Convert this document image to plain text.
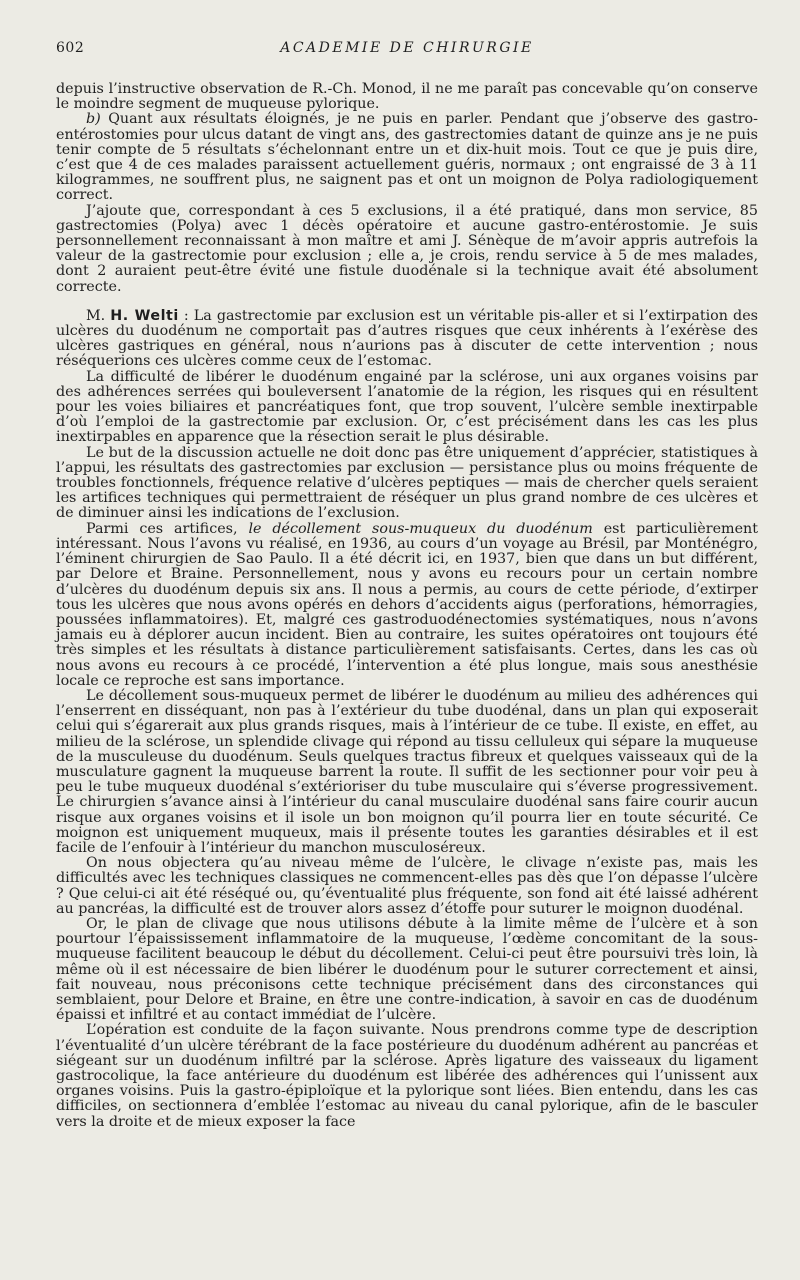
602	ACADEMIE DE CHIRURGIE

depuis l’instructive observation de R.-Ch. Monod, il ne me paraît pas concevable qu’on conserve le moindre segment de muqueuse pylorique.

b) Quant aux résultats éloignés, je ne puis en parler. Pendant que j’observe des gastro-entérostomies pour ulcus datant de vingt ans, des gastrectomies datant de quinze ans je ne puis tenir compte de 5 résultats s’échelonnant entre un et dix-huit mois. Tout ce que je puis dire, c’est que 4 de ces malades paraissent actuellement guéris, normaux ; ont engraissé de 3 à 11 kilogrammes, ne souffrent plus, ne saignent pas et ont un moignon de Polya radiologiquement correct.

J’ajoute que, correspondant à ces 5 exclusions, il a été pratiqué, dans mon service, 85 gastrectomies (Polya) avec 1 décès opératoire et aucune gastro-entérostomie. Je suis personnellement reconnaissant à mon maître et ami J. Sénèque de m’avoir appris autrefois la valeur de la gastrectomie pour exclusion ; elle a, je crois, rendu service à 5 de mes malades, dont 2 auraient peut-être évité une fistule duodénale si la technique avait été absolument correcte.

M. H. Welti : La gastrectomie par exclusion est un véritable pis-aller et si l’extirpation des ulcères du duodénum ne comportait pas d’autres risques que ceux inhérents à l’exérèse des ulcères gastriques en général, nous n’aurions pas à discuter de cette intervention ; nous réséquerions ces ulcères comme ceux de l’estomac.

La difficulté de libérer le duodénum engainé par la sclérose, uni aux organes voisins par des adhérences serrées qui bouleversent l’anatomie de la région, les risques qui en résultent pour les voies biliaires et pancréatiques font, que trop souvent, l’ulcère semble inextirpable d’où l’emploi de la gastrectomie par exclusion. Or, c’est précisément dans les cas les plus inextirpables en apparence que la résection serait le plus désirable.

Le but de la discussion actuelle ne doit donc pas être uniquement d’apprécier, statistiques à l’appui, les résultats des gastrectomies par exclusion — persistance plus ou moins fréquente de troubles fonctionnels, fréquence relative d’ulcères peptiques — mais de chercher quels seraient les artifices techniques qui permettraient de réséquer un plus grand nombre de ces ulcères et de diminuer ainsi les indications de l’exclusion.

Parmi ces artifices, le décollement sous-muqueux du duodénum est particulièrement intéressant. Nous l’avons vu réalisé, en 1936, au cours d’un voyage au Brésil, par Monténégro, l’éminent chirurgien de Sao Paulo. Il a été décrit ici, en 1937, bien que dans un but différent, par Delore et Braine. Personnellement, nous y avons eu recours pour un certain nombre d’ulcères du duodénum depuis six ans. Il nous a permis, au cours de cette période, d’extirper tous les ulcères que nous avons opérés en dehors d’accidents aigus (perforations, hémorragies, poussées inflammatoires). Et, malgré ces gastroduodénectomies systématiques, nous n’avons jamais eu à déplorer aucun incident. Bien au contraire, les suites opératoires ont toujours été très simples et les résultats à distance particulièrement satisfaisants. Certes, dans les cas où nous avons eu recours à ce procédé, l’intervention a été plus longue, mais sous anesthésie locale ce reproche est sans importance.

Le décollement sous-muqueux permet de libérer le duodénum au milieu des adhérences qui l’enserrent en disséquant, non pas à l’extérieur du tube duodénal, dans un plan qui exposerait celui qui s’égarerait aux plus grands risques, mais à l’intérieur de ce tube. Il existe, en effet, au milieu de la sclérose, un splendide clivage qui répond au tissu celluleux qui sépare la muqueuse de la musculeuse du duodénum. Seuls quelques tractus fibreux et quelques vaisseaux qui de la musculature gagnent la muqueuse barrent la route. Il suffit de les sectionner pour voir peu à peu le tube muqueux duodénal s’extérioriser du tube musculaire qui s’éverse progressivement. Le chirurgien s’avance ainsi à l’intérieur du canal musculaire duodénal sans faire courir aucun risque aux organes voisins et il isole un bon moignon qu’il pourra lier en toute sécurité. Ce moignon est uniquement muqueux, mais il présente toutes les garanties désirables et il est facile de l’enfouir à l’intérieur du manchon musculoséreux.

On nous objectera qu’au niveau même de l’ulcère, le clivage n’existe pas, mais les difficultés avec les techniques classiques ne commencent-elles pas dès que l’on dépasse l’ulcère ? Que celui-ci ait été réséqué ou, qu’éventualité plus fréquente, son fond ait été laissé adhérent au pancréas, la difficulté est de trouver alors assez d’étoffe pour suturer le moignon duodénal.

Or, le plan de clivage que nous utilisons débute à la limite même de l’ulcère et à son pourtour l’épaississement inflammatoire de la muqueuse, l’œdème concomitant de la sous-muqueuse facilitent beaucoup le début du décollement. Celui-ci peut être poursuivi très loin, là même où il est nécessaire de bien libérer le duodénum pour le suturer correctement et ainsi, fait nouveau, nous préconisons cette technique précisément dans des circonstances qui semblaient, pour Delore et Braine, en être une contre-indication, à savoir en cas de duodénum épaissi et infiltré et au contact immédiat de l’ulcère.

L’opération est conduite de la façon suivante. Nous prendrons comme type de description l’éventualité d’un ulcère térébrant de la face postérieure du duodénum adhérent au pancréas et siégeant sur un duodénum infiltré par la sclérose. Après ligature des vaisseaux du ligament gastrocolique, la face antérieure du duodénum est libérée des adhérences qui l’unissent aux organes voisins. Puis la gastro-épiploïque et la pylorique sont liées. Bien entendu, dans les cas difficiles, on sectionnera d’emblée l’estomac au niveau du canal pylorique, afin de le basculer vers la droite et de mieux exposer la face
